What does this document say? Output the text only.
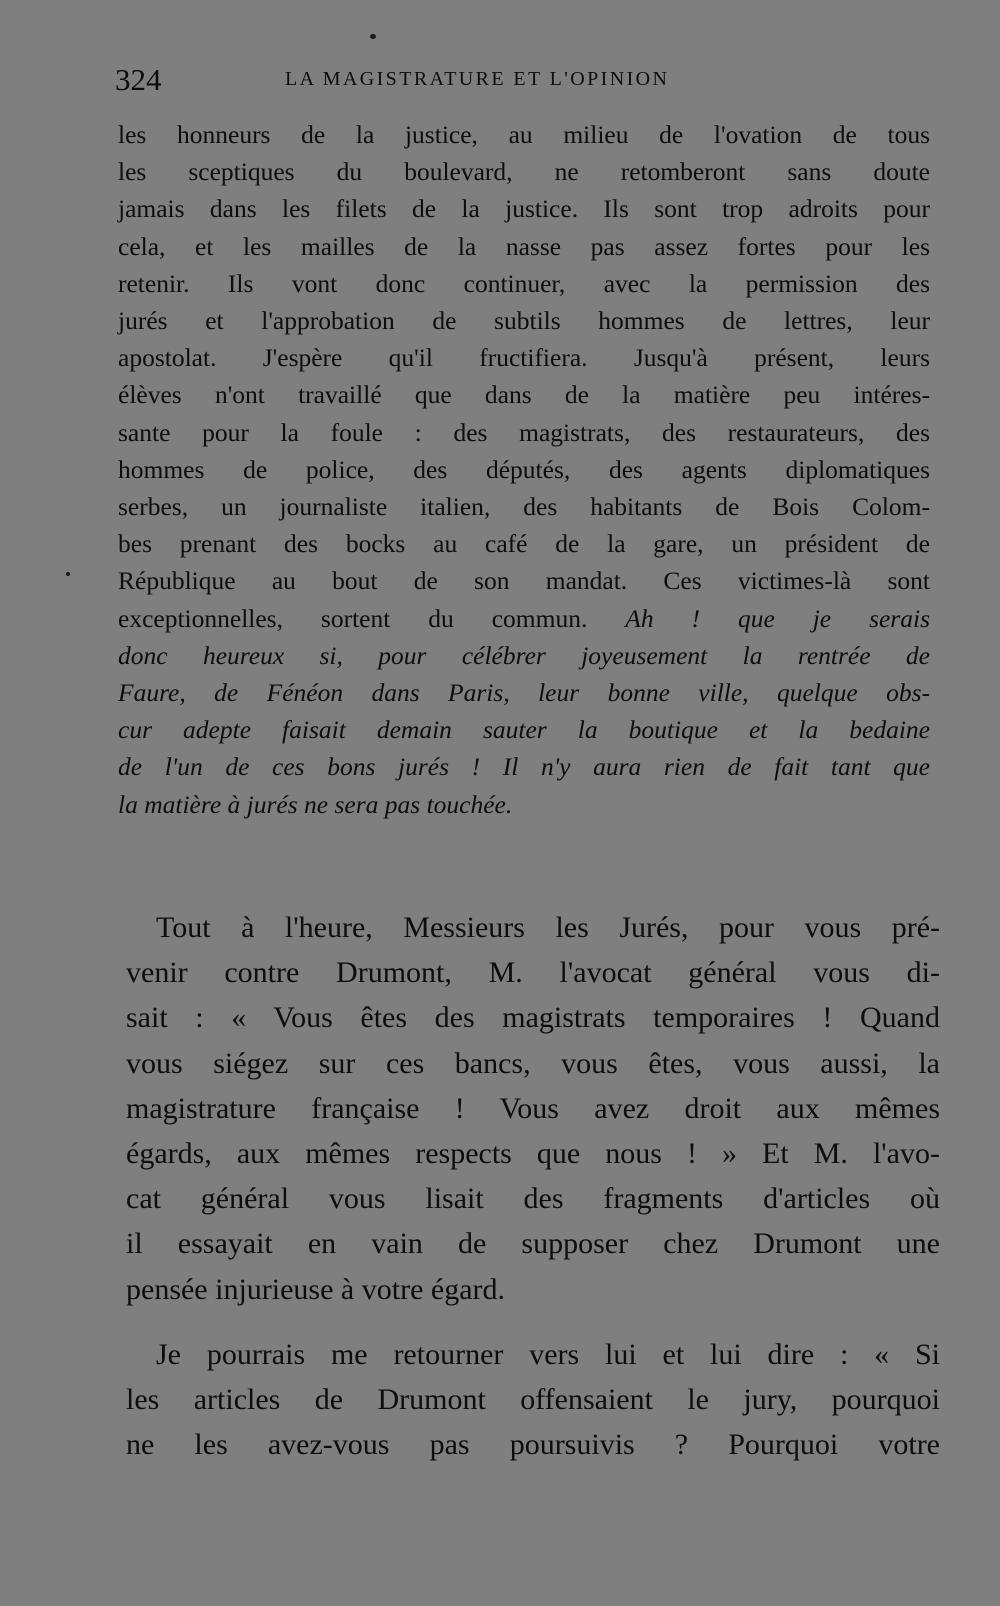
324	LA MAGISTRATURE ET L'OPINION
les honneurs de la justice, au milieu de l'ovation de tous
les sceptiques du boulevard, ne retomberont sans doute
jamais dans les filets de la justice. Ils sont trop adroits pour
cela, et les mailles de la nasse pas assez fortes pour les
retenir. Ils vont donc continuer, avec la permission des
jurés et l'approbation de subtils hommes de lettres, leur
apostolat. J'espère qu'il fructifiera. Jusqu'à présent, leurs
élèves n'ont travaillé que dans de la matière peu intéres-
sante pour la foule : des magistrats, des restaurateurs, des
hommes de police, des députés, des agents diplomatiques
serbes, un journaliste italien, des habitants de Bois Colom-
bes prenant des bocks au café de la gare, un président de
République au bout de son mandat. Ces victimes-là sont
exceptionnelles, sortent du commun. Ah ! que je serais
donc heureux si, pour célébrer joyeusement la rentrée de
Faure, de Fénéon dans Paris, leur bonne ville, quelque obs-
cur adepte faisait demain sauter la boutique et la bedaine
de l'un de ces bons jurés ! Il n'y aura rien de fait tant que
la matière à jurés ne sera pas touchée.
Tout à l'heure, Messieurs les Jurés, pour vous pré-
venir contre Drumont, M. l'avocat général vous di-
sait : « Vous êtes des magistrats temporaires ! Quand
vous siégez sur ces bancs, vous êtes, vous aussi, la
magistrature française ! Vous avez droit aux mêmes
égards, aux mêmes respects que nous ! » Et M. l'avo-
cat général vous lisait des fragments d'articles où
il essayait en vain de supposer chez Drumont une
pensée injurieuse à votre égard.
Je pourrais me retourner vers lui et lui dire : « Si
les articles de Drumont offensaient le jury, pourquoi
ne les avez-vous pas poursuivis ? Pourquoi votre
